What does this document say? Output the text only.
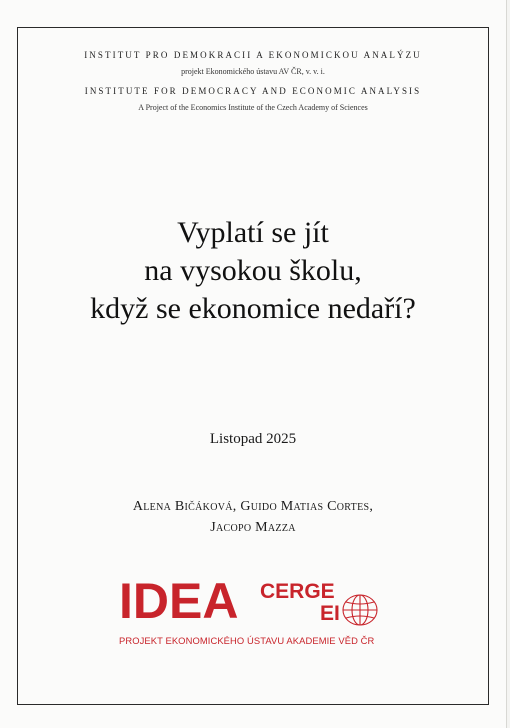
INSTITUT PRO DEMOKRACII A EKONOMICKOU ANALÝZU
projekt Ekonomického ústavu AV ČR, v. v. i.
INSTITUTE FOR DEMOCRACY AND ECONOMIC ANALYSIS
A Project of the Economics Institute of the Czech Academy of Sciences
Vyplatí se jít
na vysokou školu,
když se ekonomice nedaří?
Listopad 2025
Alena Bičáková, Guido Matias Cortes,
Jacopo Mazza
IDEA CERGE
EI
PROJEKT EKONOMICKÉHO ÚSTAVU AKADEMIE VĚD ČR
